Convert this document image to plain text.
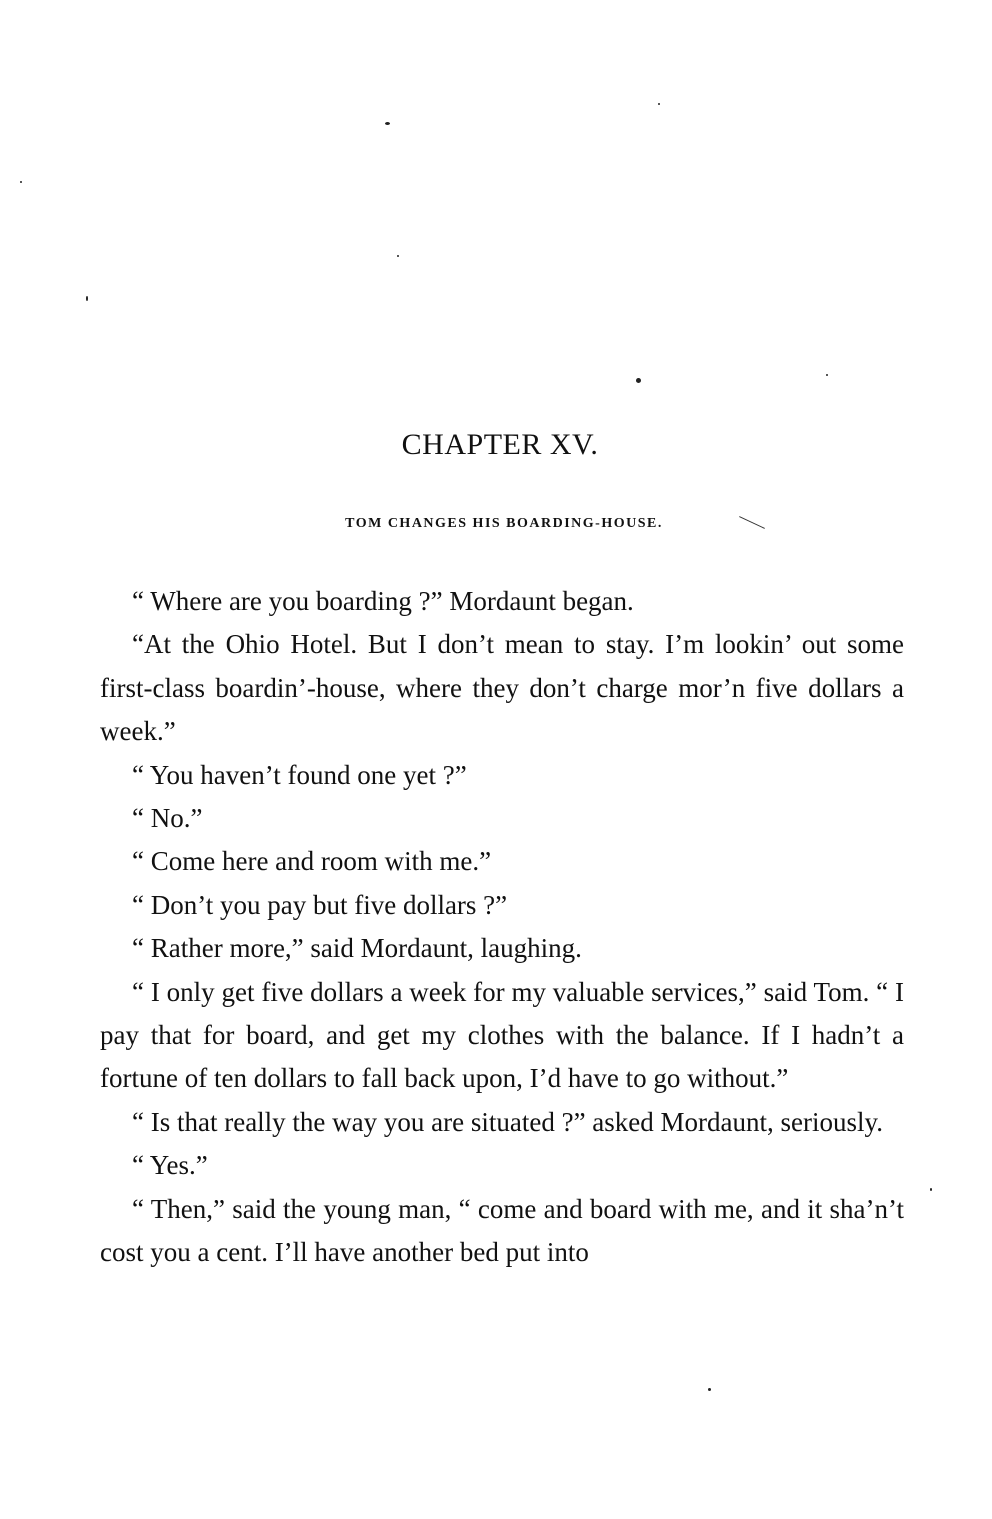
CHAPTER XV.
TOM CHANGES HIS BOARDING-HOUSE.

“ Where are you boarding ?” Mordaunt began.

“At the Ohio Hotel. But I don’t mean to stay. I’m lookin’ out some first-class boardin’-house, where they don’t charge mor’n five dollars a week.”

“ You haven’t found one yet ?”

“ No.”

“ Come here and room with me.”

“ Don’t you pay but five dollars ?”

“ Rather more,” said Mordaunt, laughing.

“ I only get five dollars a week for my valuable services,” said Tom. “ I pay that for board, and get my clothes with the balance. If I hadn’t a fortune of ten dollars to fall back upon, I’d have to go without.”

“ Is that really the way you are situated ?” asked Mordaunt, seriously.

“ Yes.”

“ Then,” said the young man, “ come and board with me, and it sha’n’t cost you a cent. I’ll have another bed put into
